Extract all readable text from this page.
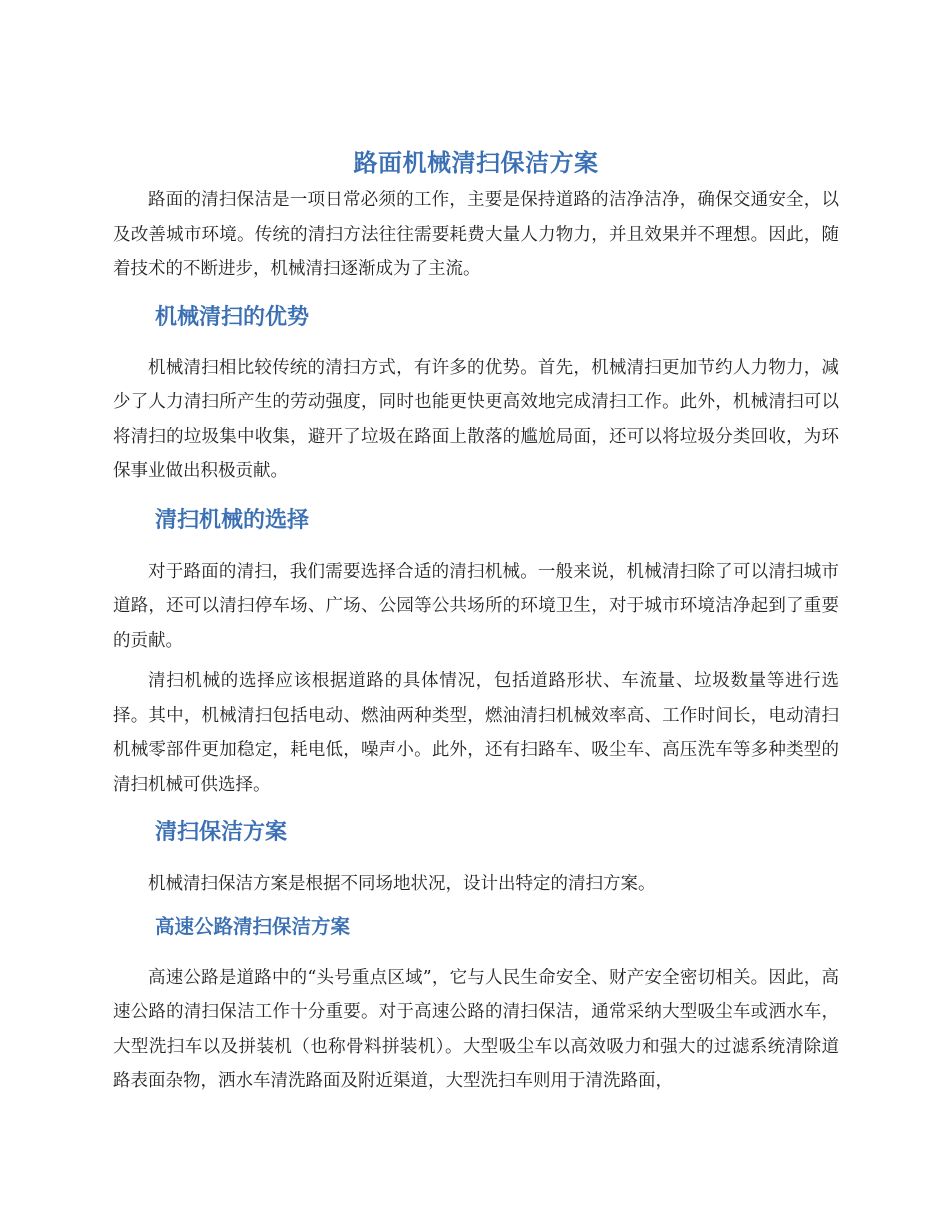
路面机械清扫保洁方案

路面的清扫保洁是一项日常必须的工作，主要是保持道路的洁净洁净，确保交通安全，以及改善城市环境。传统的清扫方法往往需要耗费大量人力物力，并且效果并不理想。因此，随着技术的不断进步，机械清扫逐渐成为了主流。

机械清扫的优势

机械清扫相比较传统的清扫方式，有许多的优势。首先，机械清扫更加节约人力物力，减少了人力清扫所产生的劳动强度，同时也能更快更高效地完成清扫工作。此外，机械清扫可以将清扫的垃圾集中收集，避开了垃圾在路面上散落的尴尬局面，还可以将垃圾分类回收，为环保事业做出积极贡献。

清扫机械的选择

对于路面的清扫，我们需要选择合适的清扫机械。一般来说，机械清扫除了可以清扫城市道路，还可以清扫停车场、广场、公园等公共场所的环境卫生，对于城市环境洁净起到了重要的贡献。

清扫机械的选择应该根据道路的具体情况，包括道路形状、车流量、垃圾数量等进行选择。其中，机械清扫包括电动、燃油两种类型，燃油清扫机械效率高、工作时间长，电动清扫机械零部件更加稳定，耗电低，噪声小。此外，还有扫路车、吸尘车、高压洗车等多种类型的清扫机械可供选择。

清扫保洁方案

机械清扫保洁方案是根据不同场地状况，设计出特定的清扫方案。

高速公路清扫保洁方案

高速公路是道路中的“头号重点区域”，它与人民生命安全、财产安全密切相关。因此，高速公路的清扫保洁工作十分重要。对于高速公路的清扫保洁，通常采纳大型吸尘车或洒水车，大型洗扫车以及拼装机（也称骨料拼装机）。大型吸尘车以高效吸力和强大的过滤系统清除道路表面杂物，洒水车清洗路面及附近渠道，大型洗扫车则用于清洗路面，
